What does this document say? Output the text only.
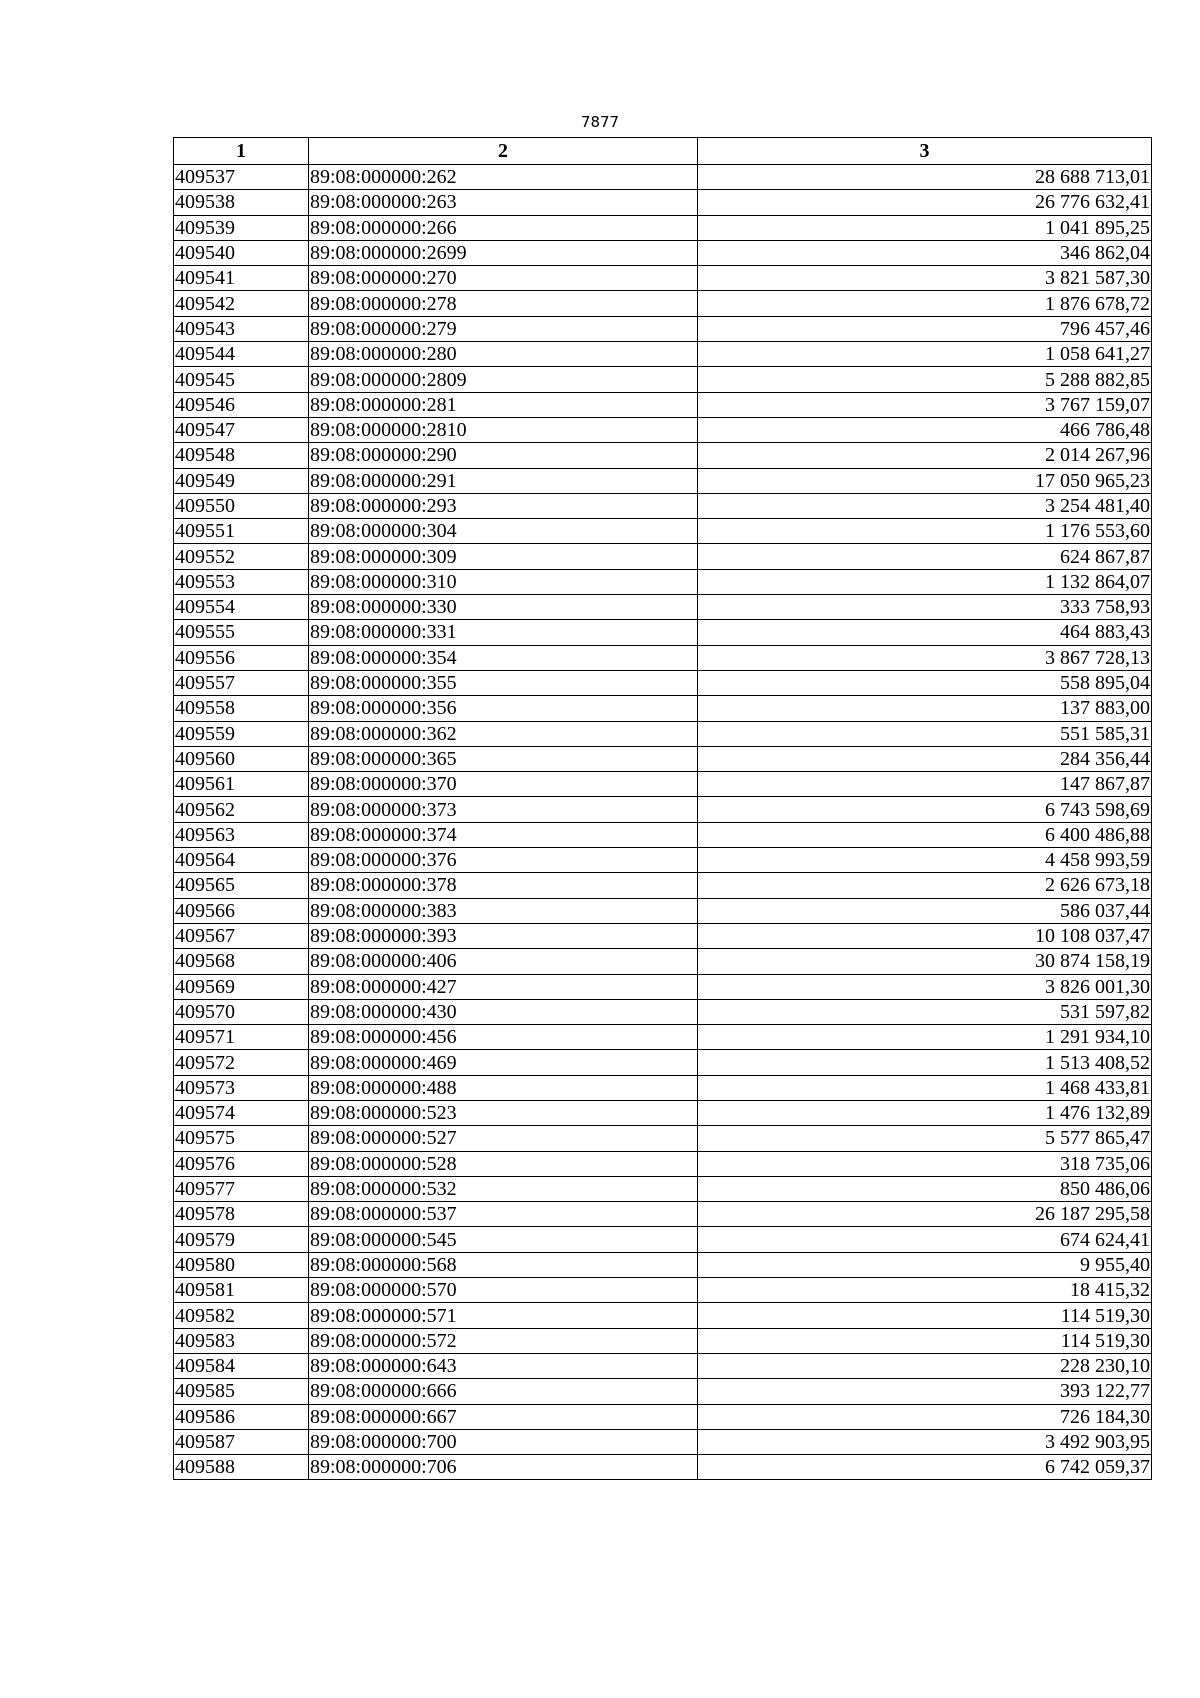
7877
1	2	3
409537	89:08:000000:262	28 688 713,01
409538	89:08:000000:263	26 776 632,41
409539	89:08:000000:266	1 041 895,25
409540	89:08:000000:2699	346 862,04
409541	89:08:000000:270	3 821 587,30
409542	89:08:000000:278	1 876 678,72
409543	89:08:000000:279	796 457,46
409544	89:08:000000:280	1 058 641,27
409545	89:08:000000:2809	5 288 882,85
409546	89:08:000000:281	3 767 159,07
409547	89:08:000000:2810	466 786,48
409548	89:08:000000:290	2 014 267,96
409549	89:08:000000:291	17 050 965,23
409550	89:08:000000:293	3 254 481,40
409551	89:08:000000:304	1 176 553,60
409552	89:08:000000:309	624 867,87
409553	89:08:000000:310	1 132 864,07
409554	89:08:000000:330	333 758,93
409555	89:08:000000:331	464 883,43
409556	89:08:000000:354	3 867 728,13
409557	89:08:000000:355	558 895,04
409558	89:08:000000:356	137 883,00
409559	89:08:000000:362	551 585,31
409560	89:08:000000:365	284 356,44
409561	89:08:000000:370	147 867,87
409562	89:08:000000:373	6 743 598,69
409563	89:08:000000:374	6 400 486,88
409564	89:08:000000:376	4 458 993,59
409565	89:08:000000:378	2 626 673,18
409566	89:08:000000:383	586 037,44
409567	89:08:000000:393	10 108 037,47
409568	89:08:000000:406	30 874 158,19
409569	89:08:000000:427	3 826 001,30
409570	89:08:000000:430	531 597,82
409571	89:08:000000:456	1 291 934,10
409572	89:08:000000:469	1 513 408,52
409573	89:08:000000:488	1 468 433,81
409574	89:08:000000:523	1 476 132,89
409575	89:08:000000:527	5 577 865,47
409576	89:08:000000:528	318 735,06
409577	89:08:000000:532	850 486,06
409578	89:08:000000:537	26 187 295,58
409579	89:08:000000:545	674 624,41
409580	89:08:000000:568	9 955,40
409581	89:08:000000:570	18 415,32
409582	89:08:000000:571	114 519,30
409583	89:08:000000:572	114 519,30
409584	89:08:000000:643	228 230,10
409585	89:08:000000:666	393 122,77
409586	89:08:000000:667	726 184,30
409587	89:08:000000:700	3 492 903,95
409588	89:08:000000:706	6 742 059,37
